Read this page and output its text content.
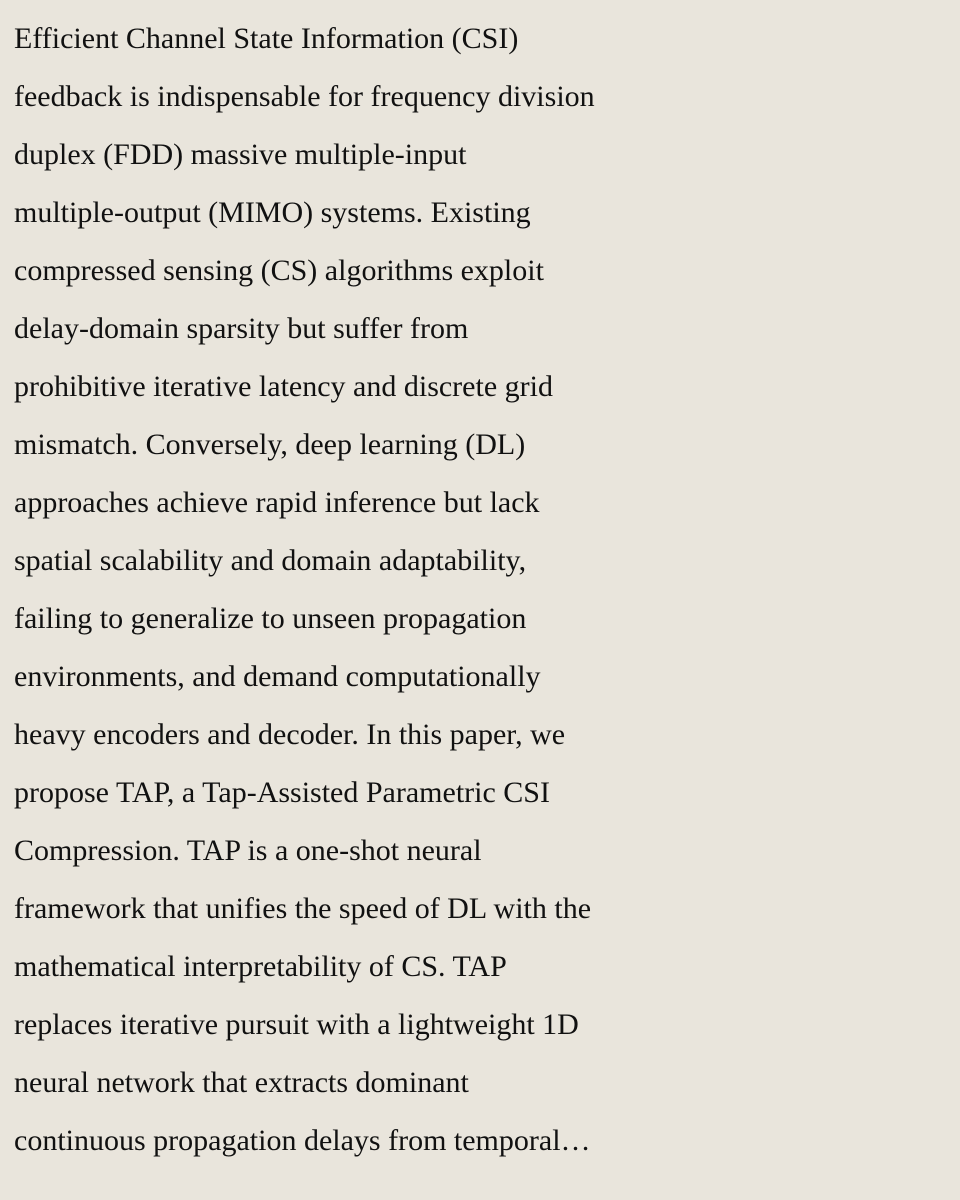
Efficient Channel State Information (CSI)
feedback is indispensable for frequency division
duplex (FDD) massive multiple-input
multiple-output (MIMO) systems. Existing
compressed sensing (CS) algorithms exploit
delay-domain sparsity but suffer from
prohibitive iterative latency and discrete grid
mismatch. Conversely, deep learning (DL)
approaches achieve rapid inference but lack
spatial scalability and domain adaptability,
failing to generalize to unseen propagation
environments, and demand computationally
heavy encoders and decoder. In this paper, we
propose TAP, a Tap-Assisted Parametric CSI
Compression. TAP is a one-shot neural
framework that unifies the speed of DL with the
mathematical interpretability of CS. TAP
replaces iterative pursuit with a lightweight 1D
neural network that extracts dominant
continuous propagation delays from temporal…
